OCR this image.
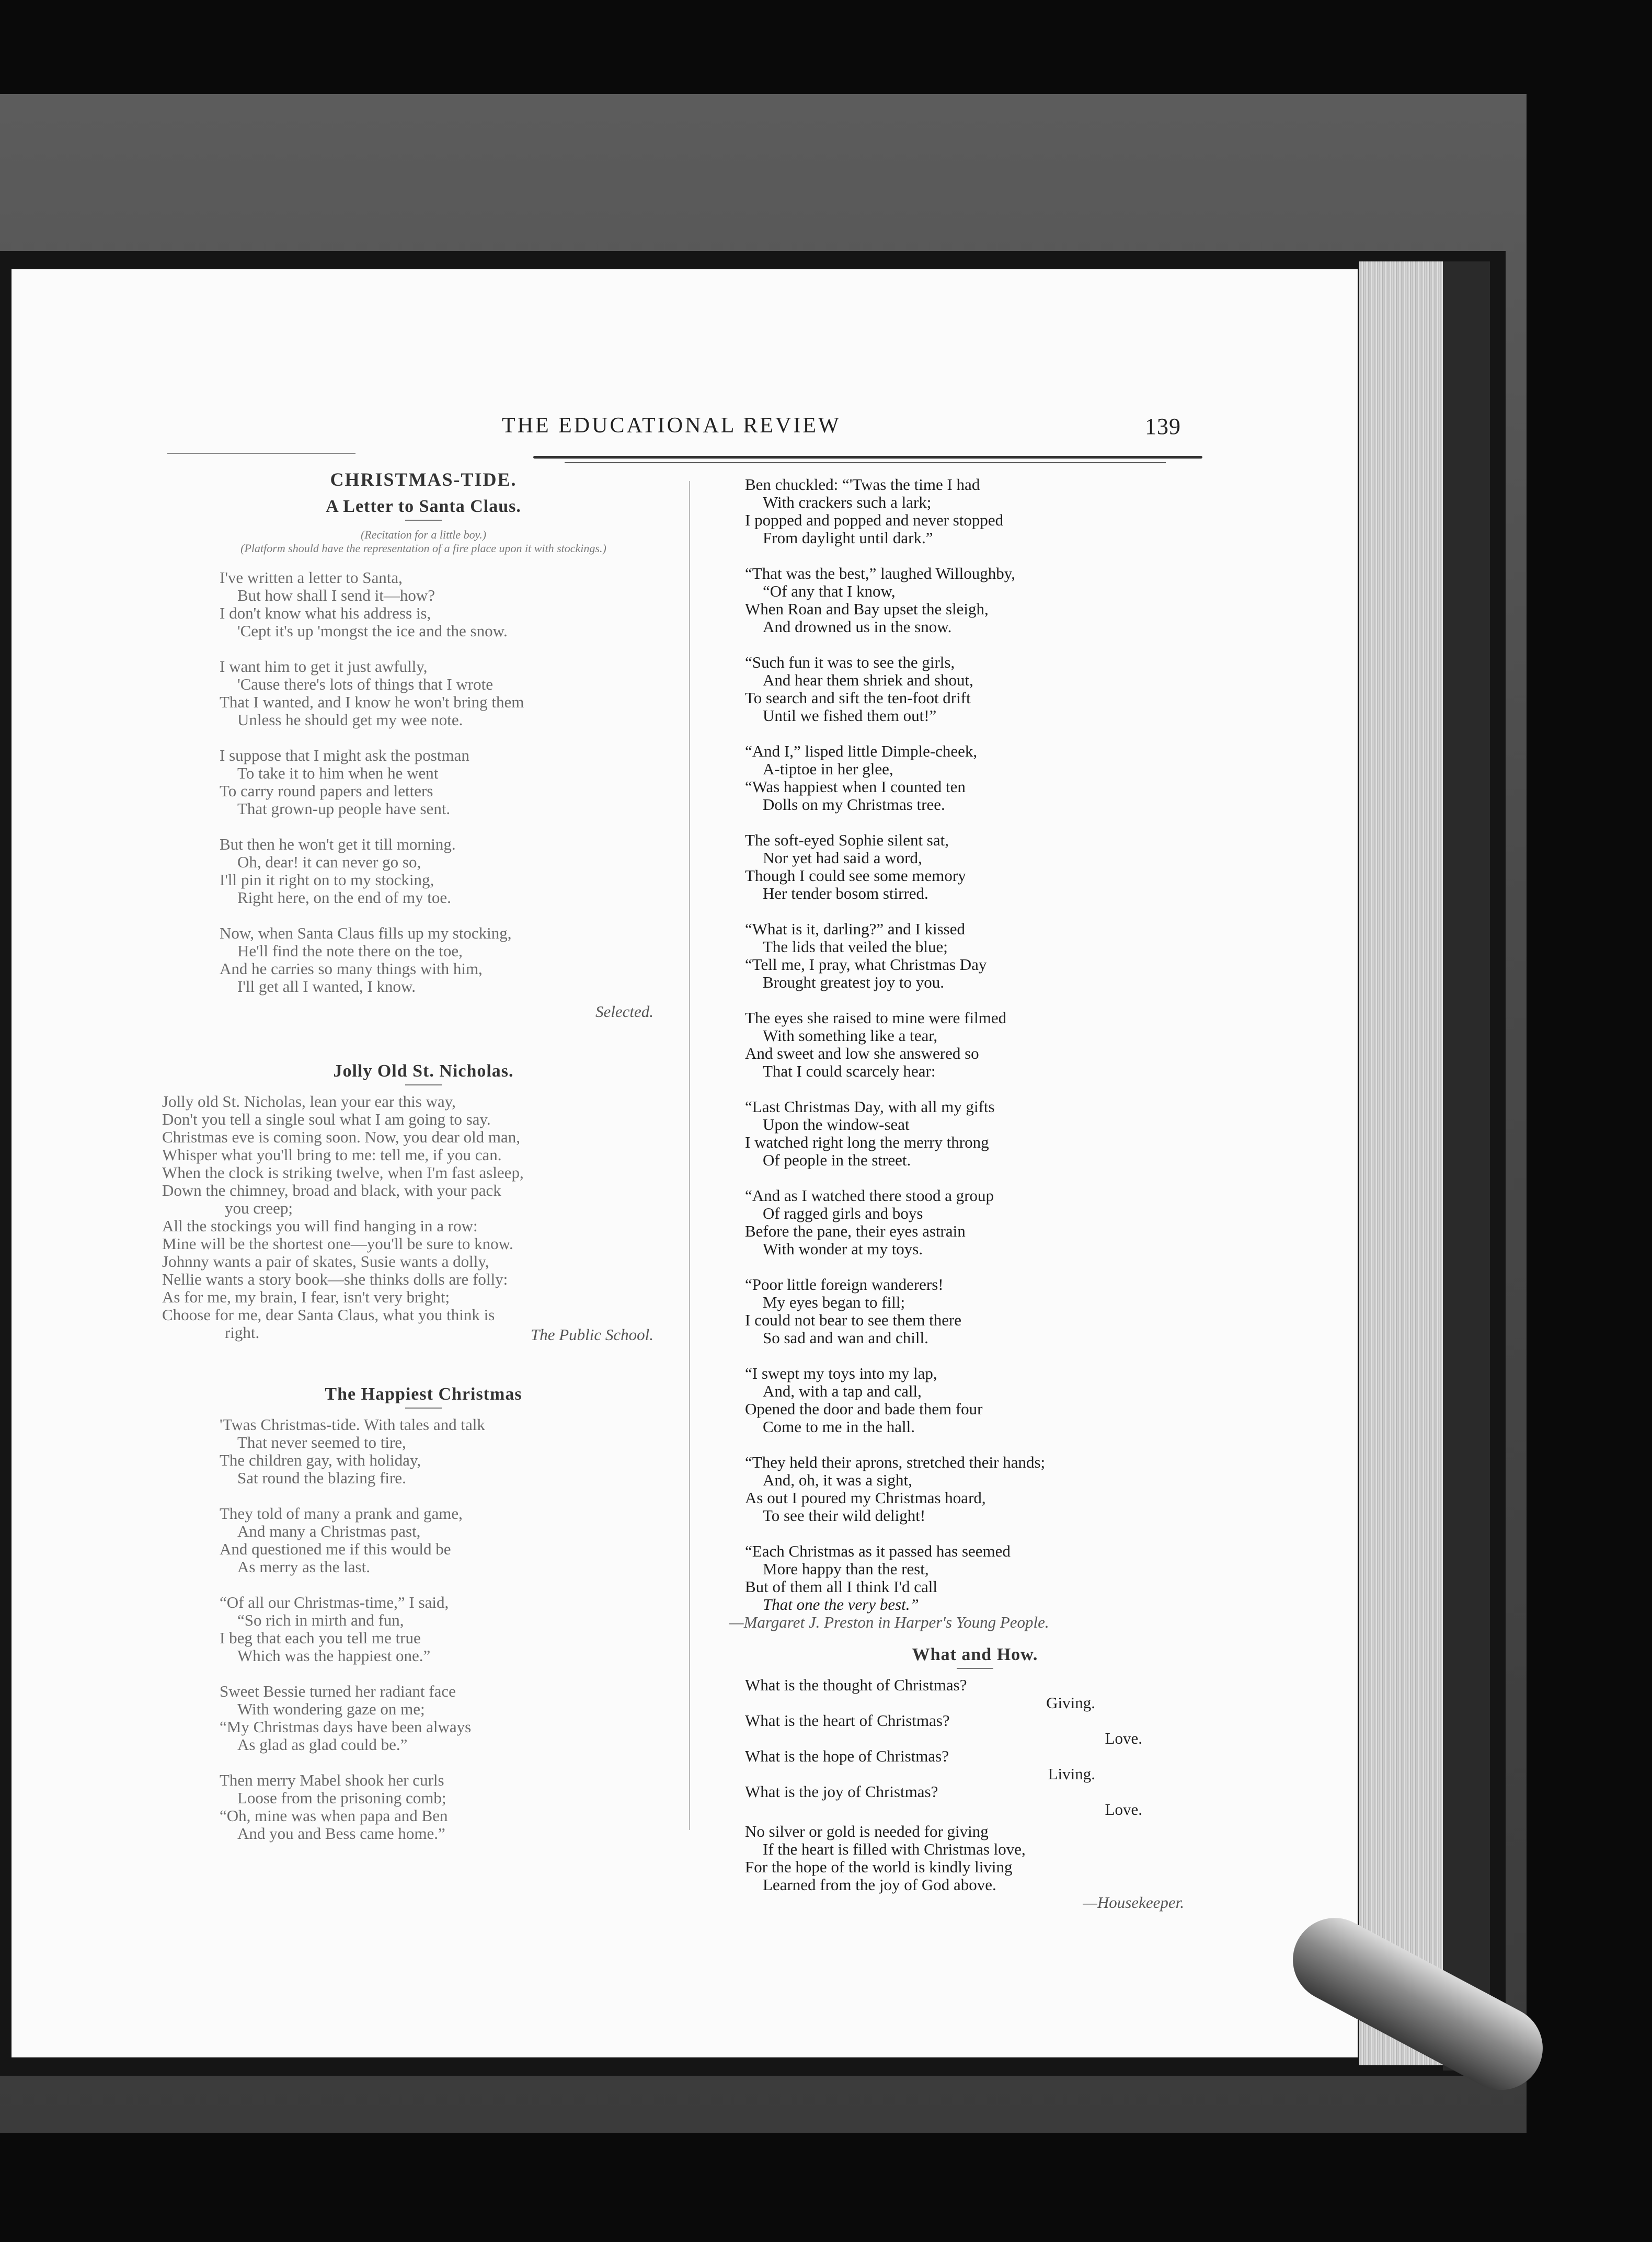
THE EDUCATIONAL REVIEW	139

CHRISTMAS-TIDE.

A Letter to Santa Claus.

(Recitation for a little boy.)

(Platform should have the representation of a fire place upon it with stockings.)

I've written a letter to Santa,
But how shall I send it—how?
I don't know what his address is,
'Cept it's up 'mongst the ice and the snow.
I want him to get it just awfully,
'Cause there's lots of things that I wrote
That I wanted, and I know he won't bring them
Unless he should get my wee note.
I suppose that I might ask the postman
To take it to him when he went
To carry round papers and letters
That grown-up people have sent.
But then he won't get it till morning.
Oh, dear! it can never go so,
I'll pin it right on to my stocking,
Right here, on the end of my toe.
Now, when Santa Claus fills up my stocking,
He'll find the note there on the toe,
And he carries so many things with him,
I'll get all I wanted, I know.

Selected.

Jolly Old St. Nicholas.

Jolly old St. Nicholas, lean your ear this way,
Don't you tell a single soul what I am going to say.
Christmas eve is coming soon. Now, you dear old man,
Whisper what you'll bring to me: tell me, if you can.
When the clock is striking twelve, when I'm fast asleep,
Down the chimney, broad and black, with your pack
you creep;
All the stockings you will find hanging in a row:
Mine will be the shortest one—you'll be sure to know.
Johnny wants a pair of skates, Susie wants a dolly,
Nellie wants a story book—she thinks dolls are folly:
As for me, my brain, I fear, isn't very bright;
Choose for me, dear Santa Claus, what you think is
right.	The Public School.

The Happiest Christmas

'Twas Christmas-tide. With tales and talk
That never seemed to tire,
The children gay, with holiday,
Sat round the blazing fire.
They told of many a prank and game,
And many a Christmas past,
And questioned me if this would be
As merry as the last.
“Of all our Christmas-time,” I said,
“So rich in mirth and fun,
I beg that each you tell me true
Which was the happiest one.”
Sweet Bessie turned her radiant face
With wondering gaze on me;
“My Christmas days have been always
As glad as glad could be.”
Then merry Mabel shook her curls
Loose from the prisoning comb;
“Oh, mine was when papa and Ben
And you and Bess came home.”
Ben chuckled: “'Twas the time I had
With crackers such a lark;
I popped and popped and never stopped
From daylight until dark.”
“That was the best,” laughed Willoughby,
“Of any that I know,
When Roan and Bay upset the sleigh,
And drowned us in the snow.
“Such fun it was to see the girls,
And hear them shriek and shout,
To search and sift the ten-foot drift
Until we fished them out!”
“And I,” lisped little Dimple-cheek,
A-tiptoe in her glee,
“Was happiest when I counted ten
Dolls on my Christmas tree.
The soft-eyed Sophie silent sat,
Nor yet had said a word,
Though I could see some memory
Her tender bosom stirred.
“What is it, darling?” and I kissed
The lids that veiled the blue;
“Tell me, I pray, what Christmas Day
Brought greatest joy to you.
The eyes she raised to mine were filmed
With something like a tear,
And sweet and low she answered so
That I could scarcely hear:
“Last Christmas Day, with all my gifts
Upon the window-seat
I watched right long the merry throng
Of people in the street.
“And as I watched there stood a group
Of ragged girls and boys
Before the pane, their eyes astrain
With wonder at my toys.
“Poor little foreign wanderers!
My eyes began to fill;
I could not bear to see them there
So sad and wan and chill.
“I swept my toys into my lap,
And, with a tap and call,
Opened the door and bade them four
Come to me in the hall.
“They held their aprons, stretched their hands;
And, oh, it was a sight,
As out I poured my Christmas hoard,
To see their wild delight!
“Each Christmas as it passed has seemed
More happy than the rest,
But of them all I think I'd call
That one the very best.”

—Margaret J. Preston in Harper's Young People.

What and How.

What is the thought of Christmas?
Giving.
What is the heart of Christmas?
Love.
What is the hope of Christmas?
Living.
What is the joy of Christmas?
Love.
No silver or gold is needed for giving
If the heart is filled with Christmas love,
For the hope of the world is kindly living
Learned from the joy of God above.

—Housekeeper.
